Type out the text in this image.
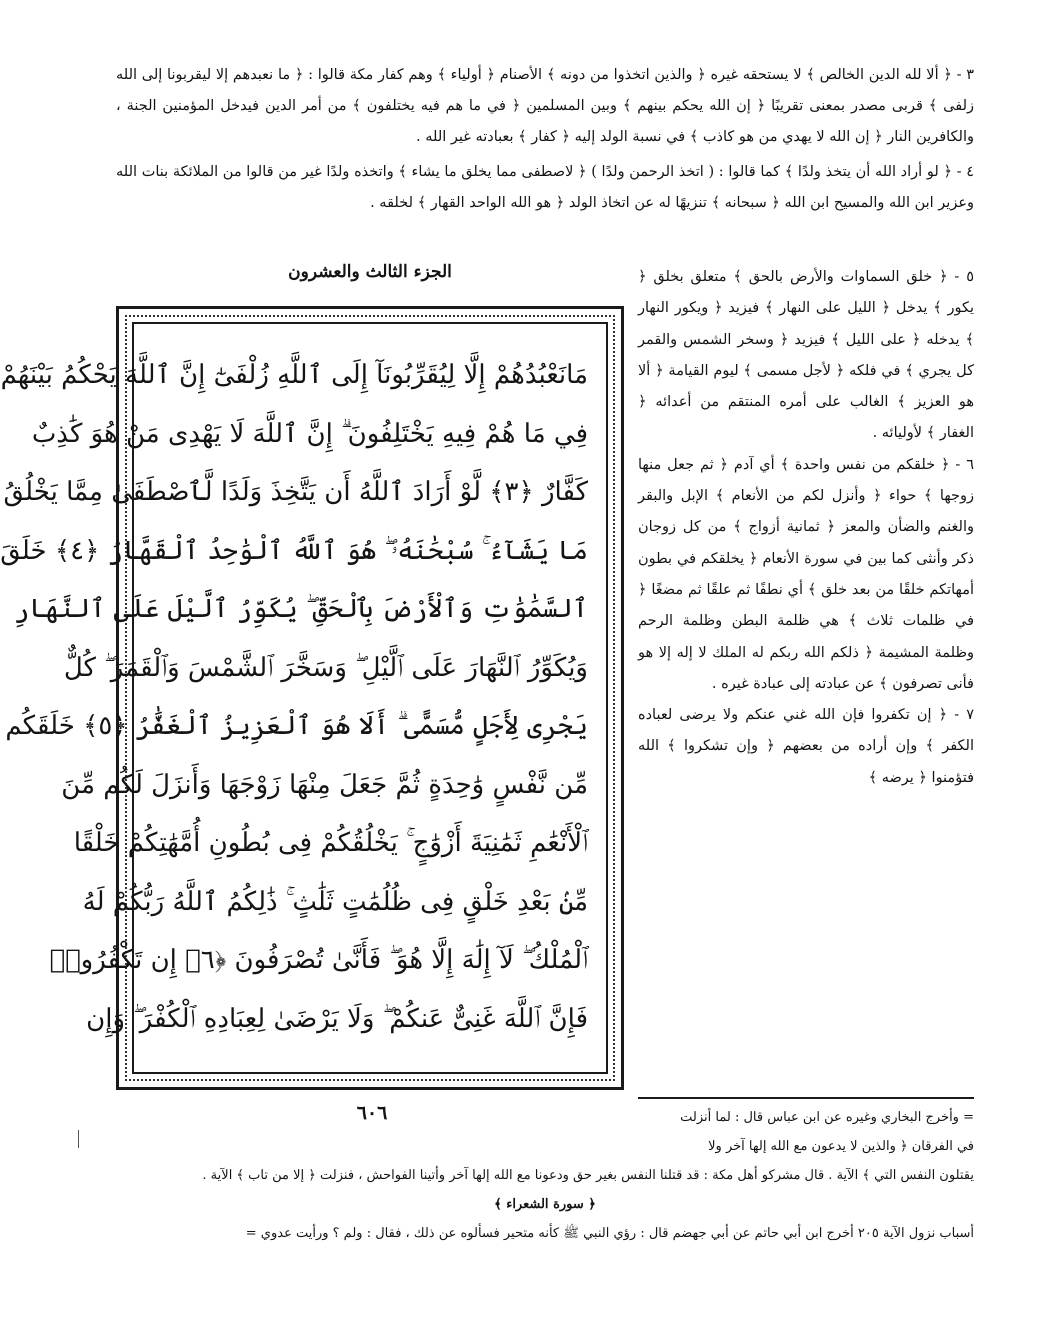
٣ - ﴿ ألا لله الدين الخالص ﴾ لا يستحقه غيره ﴿ والذين اتخذوا من دونه ﴾ الأصنام ﴿ أولياء ﴾ وهم كفار مكة قالوا : ﴿ ما نعبدهم إلا ليقربونا إلى الله زلفى ﴾ قربى مصدر بمعنى تقريبًا ﴿ إن الله يحكم بينهم ﴾ وبين المسلمين ﴿ في ما هم فيه يختلفون ﴾ من أمر الدين فيدخل المؤمنين الجنة ، والكافرين النار ﴿ إن الله لا يهدي من هو كاذب ﴾ في نسبة الولد إليه ﴿ كفار ﴾ بعبادته غير الله .

٤ - ﴿ لو أراد الله أن يتخذ ولدًا ﴾ كما قالوا : ( اتخذ الرحمن ولدًا ) ﴿ لاصطفى مما يخلق ما يشاء ﴾ واتخذه ولدًا غير من قالوا من الملائكة بنات الله وعزير ابن الله والمسيح ابن الله ﴿ سبحانه ﴾ تنزيهًا له عن اتخاذ الولد ﴿ هو الله الواحد القهار ﴾ لخلقه .

الجزء الثالث والعشرون
مَانَعْبُدُهُمْ إِلَّا لِيُقَرِّبُونَآ إِلَى ٱللَّهِ زُلْفَىٰٓ إِنَّ ٱللَّهَ يَحْكُمُ بَيْنَهُمْ
فِي مَا هُمْ فِيهِ يَخْتَلِفُونَ ۗ إِنَّ ٱللَّهَ لَا يَهْدِى مَنْ هُوَ كَٰذِبٌ
كَفَّارٌ ﴿٣﴾ لَّوْ أَرَادَ ٱللَّهُ أَن يَتَّخِذَ وَلَدًا لَّٱصْطَفَىٰ مِمَّا يَخْلُقُ
مَا يَشَآءُ ۚ سُبْحَٰنَهُۥ ۖ هُوَ ٱللَّهُ ٱلْوَٰحِدُ ٱلْقَهَّارُ ﴿٤﴾ خَلَقَ
ٱلسَّمَٰوَٰتِ وَٱلْأَرْضَ بِٱلْحَقِّ ۖ يُكَوِّرُ ٱلَّيْلَ عَلَى ٱلنَّهَارِ
وَيُكَوِّرُ ٱلنَّهَارَ عَلَى ٱلَّيْلِ ۖ وَسَخَّرَ ٱلشَّمْسَ وَٱلْقَمَرَ ۖ كُلٌّ
يَجْرِى لِأَجَلٍ مُّسَمًّى ۗ أَلَا هُوَ ٱلْعَزِيزُ ٱلْغَفَّٰرُ ﴿٥﴾ خَلَقَكُم
مِّن نَّفْسٍ وَٰحِدَةٍ ثُمَّ جَعَلَ مِنْهَا زَوْجَهَا وَأَنزَلَ لَكُم مِّنَ
ٱلْأَنْعَٰمِ ثَمَٰنِيَةَ أَزْوَٰجٍ ۚ يَخْلُقُكُمْ فِى بُطُونِ أُمَّهَٰتِكُمْ خَلْقًا
مِّنۢ بَعْدِ خَلْقٍ فِى ظُلُمَٰتٍ ثَلَٰثٍ ۚ ذَٰلِكُمُ ٱللَّهُ رَبُّكُمْ لَهُ
ٱلْمُلْكُ ۖ لَآ إِلَٰهَ إِلَّا هُوَ ۖ فَأَنَّىٰ تُصْرَفُونَ ﴿٦﴾ إِن تَكْفُرُوا۟
فَإِنَّ ٱللَّهَ غَنِىٌّ عَنكُمْ ۖ وَلَا يَرْضَىٰ لِعِبَادِهِ ٱلْكُفْرَ ۖ وَإِن

٥ - ﴿ خلق السماوات والأرض بالحق ﴾ متعلق بخلق ﴿ يكور ﴾ يدخل ﴿ الليل على النهار ﴾ فيزيد ﴿ ويكور النهار ﴾ يدخله ﴿ على الليل ﴾ فيزيد ﴿ وسخر الشمس والقمر كل يجري ﴾ في فلكه ﴿ لأجل مسمى ﴾ ليوم القيامة ﴿ ألا هو العزيز ﴾ الغالب على أمره المنتقم من أعدائه ﴿ الغفار ﴾ لأوليائه .

٦ - ﴿ خلقكم من نفس واحدة ﴾ أي آدم ﴿ ثم جعل منها زوجها ﴾ حواء ﴿ وأنزل لكم من الأنعام ﴾ الإبل والبقر والغنم والضأن والمعز ﴿ ثمانية أزواج ﴾ من كل زوجان ذكر وأنثى كما بين في سورة الأنعام ﴿ يخلقكم في بطون أمهاتكم خلقًا من بعد خلق ﴾ أي نطفًا ثم علقًا ثم مضغًا ﴿ في ظلمات ثلاث ﴾ هي ظلمة البطن وظلمة الرحم وظلمة المشيمة ﴿ ذلكم الله ربكم له الملك لا إله إلا هو فأنى تصرفون ﴾ عن عبادته إلى عبادة غيره .

٧ - ﴿ إن تكفروا فإن الله غني عنكم ولا يرضى لعباده الكفر ﴾ وإن أراده من بعضهم ﴿ وإن تشكروا ﴾ الله فتؤمنوا ﴿ يرضه ﴾

٦٠٦	= وأخرج البخاري وغيره عن ابن عباس قال : لما أنزلت

في الفرقان ﴿ والذين لا يدعون مع الله إلها آخر ولا

يقتلون النفس التي ﴾ الآية . قال مشركو أهل مكة : قد قتلنا النفس بغير حق ودعونا مع الله إلها آخر وأتينا الفواحش ، فنزلت ﴿ إلا من تاب ﴾ الآية .

﴿ سورة الشعراء ﴾

أسباب نزول الآية ٢٠٥ أخرج ابن أبي حاتم عن أبي جهضم قال : رؤي النبي ﷺ كأنه متحير فسألوه عن ذلك ، فقال : ولم ؟ ورأيت عدوي =
